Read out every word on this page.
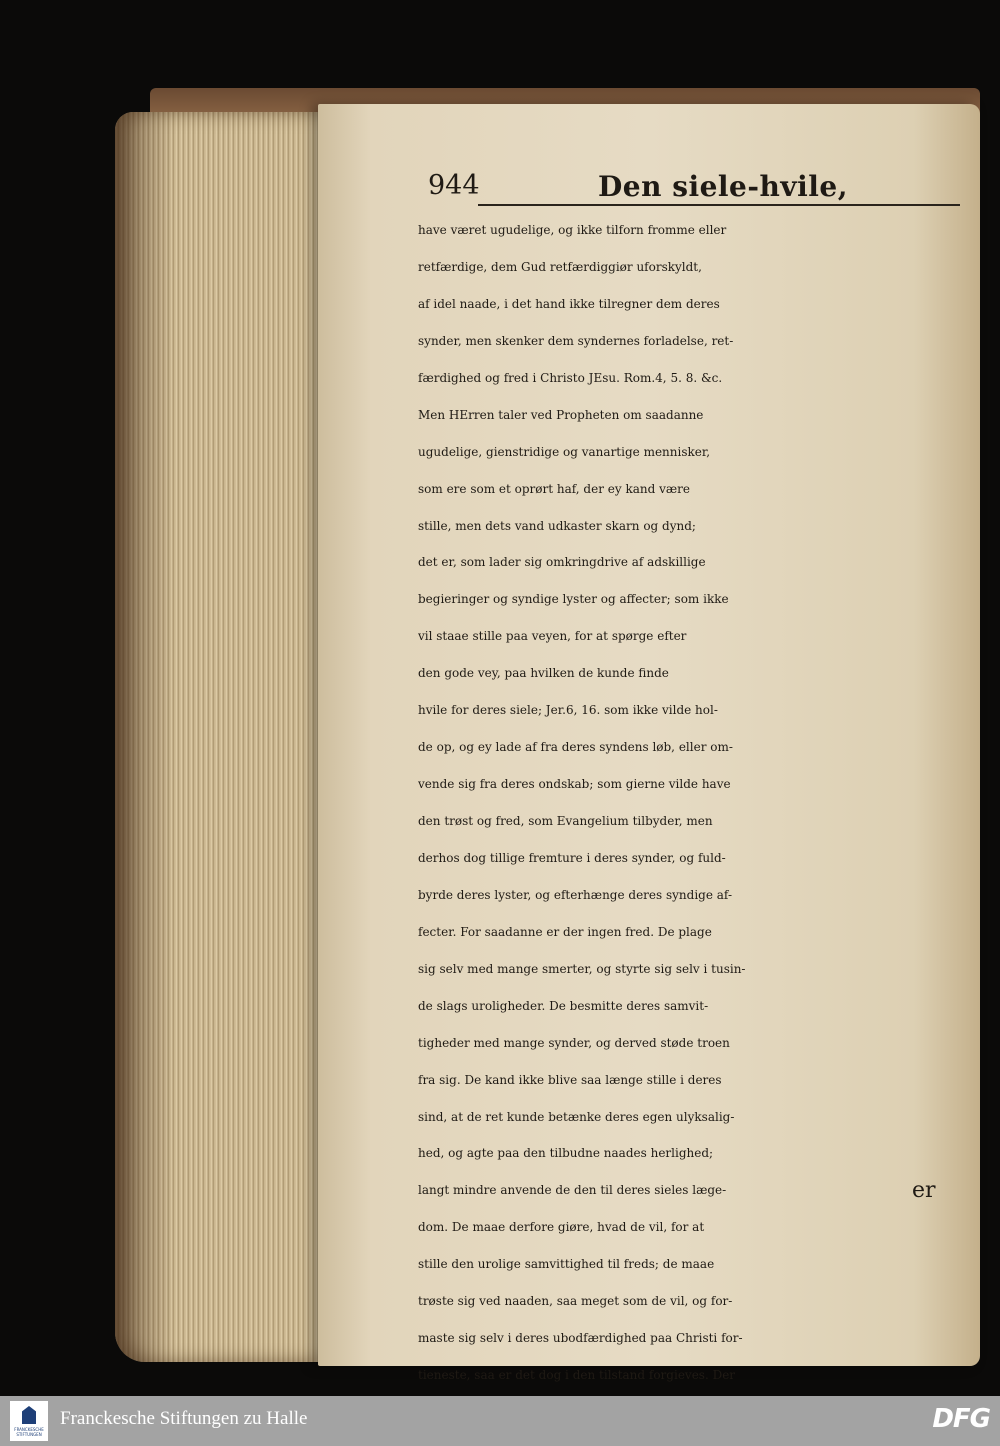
944	Den siele-hvile,
have været ugudelige, og ikke tilforn fromme eller
retfærdige, dem Gud retfærdiggiør uforskyldt,
af idel naade, i det hand ikke tilregner dem deres
synder, men skenker dem syndernes forladelse, ret-
færdighed og fred i Christo JEsu. Rom.4, 5. 8. &c.
Men HErren taler ved Propheten om saadanne
ugudelige, gienstridige og vanartige mennisker,
som ere som et oprørt haf, der ey kand være
stille, men dets vand udkaster skarn og dynd;
det er, som lader sig omkringdrive af adskillige
begieringer og syndige lyster og affecter; som ikke
vil staae stille paa veyen, for at spørge efter
den gode vey, paa hvilken de kunde finde
hvile for deres siele; Jer.6, 16. som ikke vilde hol-
de op, og ey lade af fra deres syndens løb, eller om-
vende sig fra deres ondskab; som gierne vilde have
den trøst og fred, som Evangelium tilbyder, men
derhos dog tillige fremture i deres synder, og fuld-
byrde deres lyster, og efterhænge deres syndige af-
fecter. For saadanne er der ingen fred. De plage
sig selv med mange smerter, og styrte sig selv i tusin-
de slags uroligheder. De besmitte deres samvit-
tigheder med mange synder, og derved støde troen
fra sig. De kand ikke blive saa længe stille i deres
sind, at de ret kunde betænke deres egen ulyksalig-
hed, og agte paa den tilbudne naades herlighed;
langt mindre anvende de den til deres sieles læge-
dom. De maae derfore giøre, hvad de vil, for at
stille den urolige samvittighed til freds; de maae
trøste sig ved naaden, saa meget som de vil, og for-
maste sig selv i deres ubodfærdighed paa Christi for-
tieneste, saa er det dog i den tilstand forgieves. Der
er
FRANCKESCHE STIFTUNGEN
Franckesche Stiftungen zu Halle	DFG
